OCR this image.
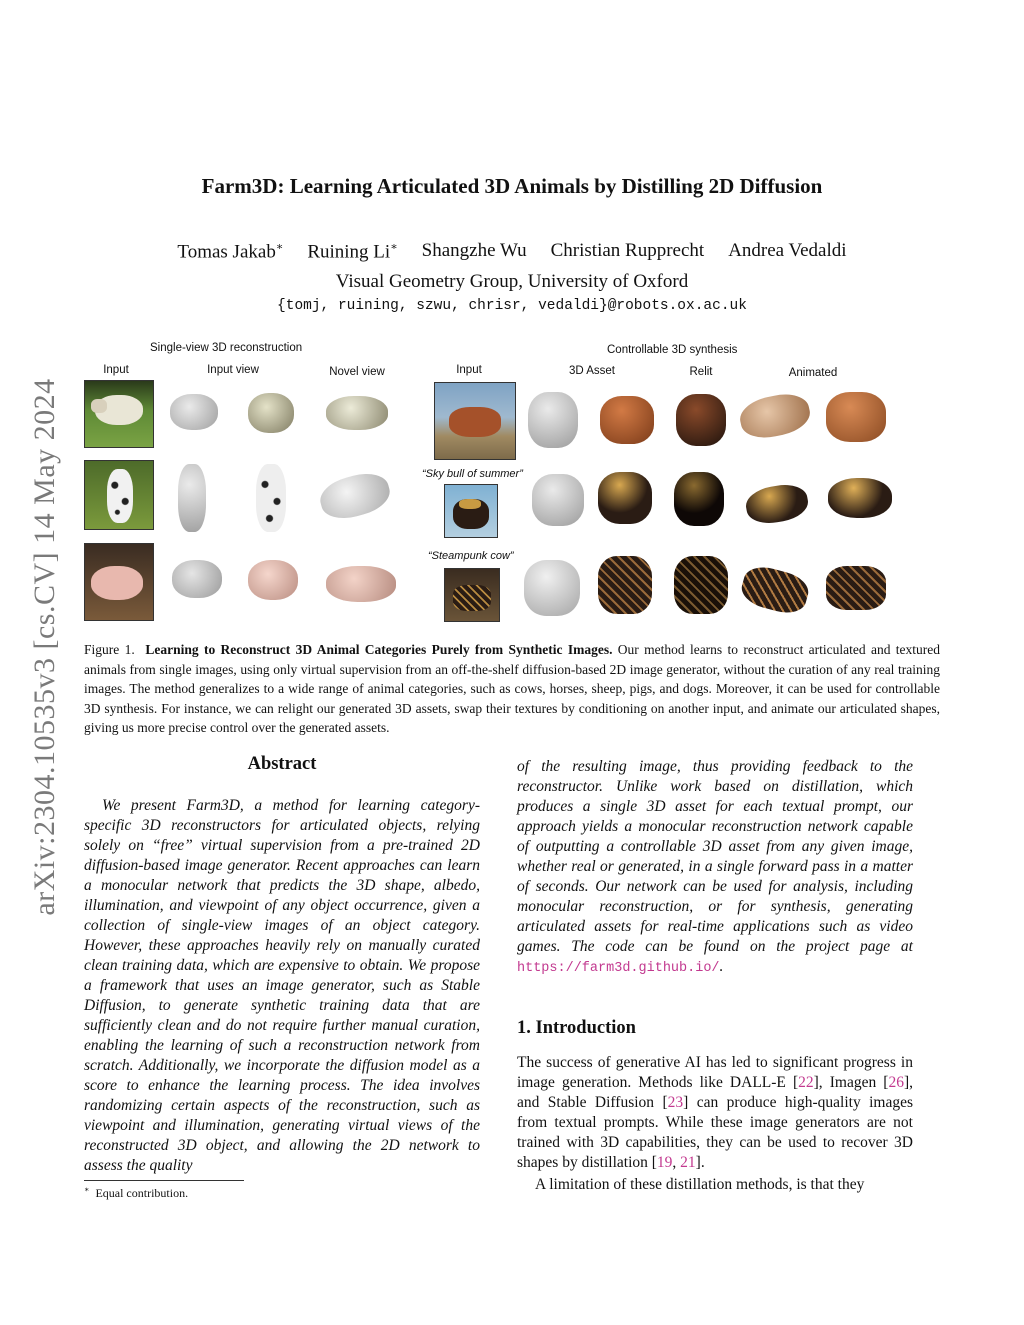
Farm3D: Learning Articulated 3D Animals by Distilling 2D Diffusion
Tomas Jakab∗ Ruining Li∗ Shangzhe Wu Christian Rupprecht Andrea Vedaldi
Visual Geometry Group, University of Oxford
{tomj, ruining, szwu, chrisr, vedaldi}@robots.ox.ac.uk
arXiv:2304.10535v3 [cs.CV] 14 May 2024
Single-view 3D reconstruction	Controllable 3D synthesis
Input	Input view	Novel view	Input	3D Asset	Relit	Animated
“Sky bull of summer”
“Steampunk cow”
Figure 1. Learning to Reconstruct 3D Animal Categories Purely from Synthetic Images. Our method learns to reconstruct articulated and textured animals from single images, using only virtual supervision from an off-the-shelf diffusion-based 2D image generator, without the curation of any real training images. The method generalizes to a wide range of animal categories, such as cows, horses, sheep, pigs, and dogs. Moreover, it can be used for controllable 3D synthesis. For instance, we can relight our generated 3D assets, swap their textures by conditioning on another input, and animate our articulated shapes, giving us more precise control over the generated assets.
Abstract
We present Farm3D, a method for learning category-specific 3D reconstructors for articulated objects, relying solely on “free” virtual supervision from a pre-trained 2D diffusion-based image generator. Recent approaches can learn a monocular network that predicts the 3D shape, albedo, illumination, and viewpoint of any object occurrence, given a collection of single-view images of an object category. However, these approaches heavily rely on manually curated clean training data, which are expensive to obtain. We propose a framework that uses an image generator, such as Stable Diffusion, to generate synthetic training data that are sufficiently clean and do not require further manual curation, enabling the learning of such a reconstruction network from scratch. Additionally, we incorporate the diffusion model as a score to enhance the learning process. The idea involves randomizing certain aspects of the reconstruction, such as viewpoint and illumination, generating virtual views of the reconstructed 3D object, and allowing the 2D network to assess the quality
of the resulting image, thus providing feedback to the reconstructor. Unlike work based on distillation, which produces a single 3D asset for each textual prompt, our approach yields a monocular reconstruction network capable of outputting a controllable 3D asset from any given image, whether real or generated, in a single forward pass in a matter of seconds. Our network can be used for analysis, including monocular reconstruction, or for synthesis, generating articulated assets for real-time applications such as video games. The code can be found on the project page at https://farm3d.github.io/.
1. Introduction
The success of generative AI has led to significant progress in image generation. Methods like DALL-E [22], Imagen [26], and Stable Diffusion [23] can produce high-quality images from textual prompts. While these image generators are not trained with 3D capabilities, they can be used to recover 3D shapes by distillation [19, 21].
A limitation of these distillation methods, is that they
∗ Equal contribution.
